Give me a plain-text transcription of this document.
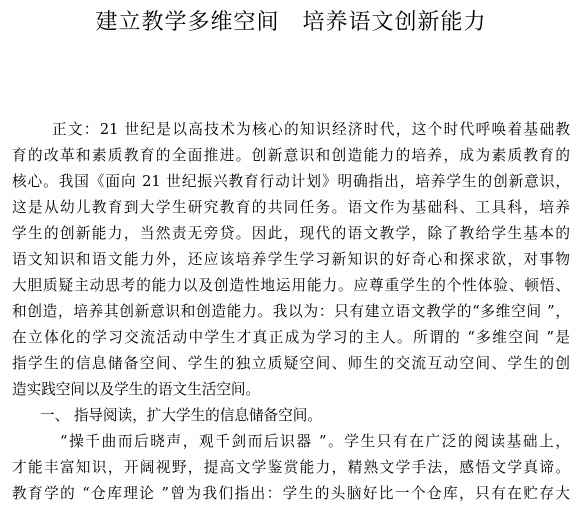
建立教学多维空间　培养语文创新能力
正文：21 世纪是以高技术为核心的知识经济时代，这个时代呼唤着基础教
育的改革和素质教育的全面推进。创新意识和创造能力的培养，成为素质教育的
核心。我国《面向 21 世纪振兴教育行动计划》明确指出，培养学生的创新意识，
这是从幼儿教育到大学生研究教育的共同任务。语文作为基础科、工具科，培养
学生的创新能力，当然责无旁贷。因此，现代的语文教学，除了教给学生基本的
语文知识和语文能力外，还应该培养学生学习新知识的好奇心和探求欲，对事物
大胆质疑主动思考的能力以及创造性地运用能力。应尊重学生的个性体验、顿悟、
和创造，培养其创新意识和创造能力。我以为：只有建立语文教学的“多维空间 ”，
在立体化的学习交流活动中学生才真正成为学习的主人。所谓的 “多维空间 ”是
指学生的信息储备空间、学生的独立质疑空间、师生的交流互动空间、学生的创
造实践空间以及学生的语文生活空间。
一、 指导阅读，扩大学生的信息储备空间。
“操千曲而后晓声，观千剑而后识器 ”。学生只有在广泛的阅读基础上，
才能丰富知识，开阔视野，提高文学鉴赏能力，精熟文学手法，感悟文学真谛。
教育学的 “仓库理论 ”曾为我们指出：学生的头脑好比一个仓库，只有在贮存大
